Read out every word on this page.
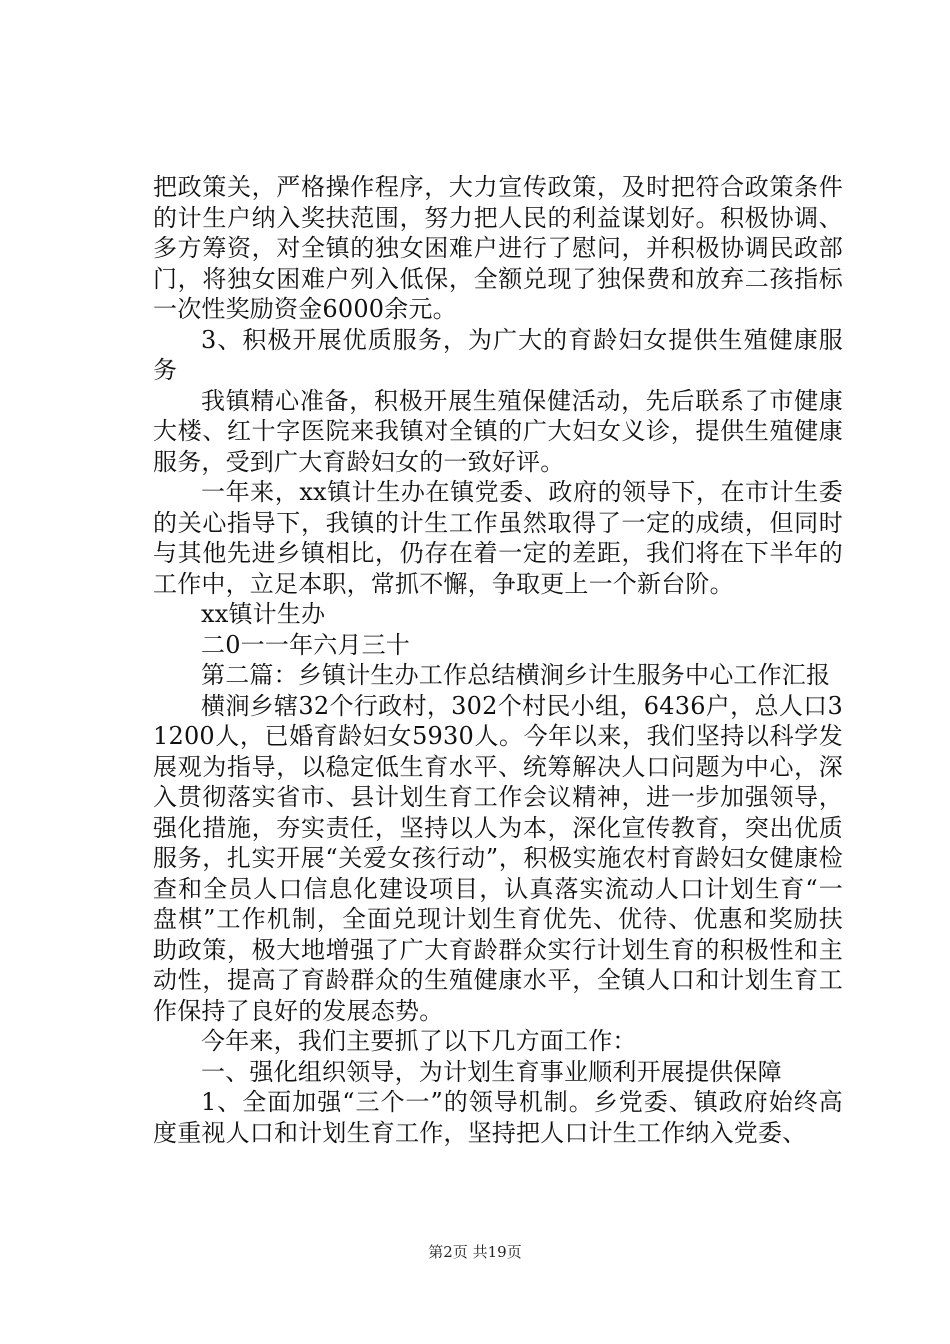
把政策关，严格操作程序，大力宣传政策，及时把符合政策条件的计生户纳入奖扶范围，努力把人民的利益谋划好。积极协调、多方筹资，对全镇的独女困难户进行了慰问，并积极协调民政部门，将独女困难户列入低保，全额兑现了独保费和放弃二孩指标一次性奖励资金6000余元。

3、积极开展优质服务，为广大的育龄妇女提供生殖健康服务

我镇精心准备，积极开展生殖保健活动，先后联系了市健康大楼、红十字医院来我镇对全镇的广大妇女义诊，提供生殖健康服务，受到广大育龄妇女的一致好评。

一年来，xx镇计生办在镇党委、政府的领导下，在市计生委的关心指导下，我镇的计生工作虽然取得了一定的成绩，但同时与其他先进乡镇相比，仍存在着一定的差距，我们将在下半年的工作中，立足本职，常抓不懈，争取更上一个新台阶。

xx镇计生办

二0一一年六月三十

第二篇：乡镇计生办工作总结横涧乡计生服务中心工作汇报

横涧乡辖32个行政村，302个村民小组，6436户，总人口31200人，已婚育龄妇女5930人。今年以来，我们坚持以科学发展观为指导，以稳定低生育水平、统筹解决人口问题为中心，深入贯彻落实省市、县计划生育工作会议精神，进一步加强领导，强化措施，夯实责任，坚持以人为本，深化宣传教育，突出优质服务，扎实开展“关爱女孩行动”，积极实施农村育龄妇女健康检查和全员人口信息化建设项目，认真落实流动人口计划生育“一盘棋”工作机制，全面兑现计划生育优先、优待、优惠和奖励扶助政策，极大地增强了广大育龄群众实行计划生育的积极性和主动性，提高了育龄群众的生殖健康水平，全镇人口和计划生育工作保持了良好的发展态势。

今年来，我们主要抓了以下几方面工作：

一、强化组织领导，为计划生育事业顺利开展提供保障

1、全面加强“三个一”的领导机制。乡党委、镇政府始终高度重视人口和计划生育工作，坚持把人口计生工作纳入党委、

第2页 共19页
